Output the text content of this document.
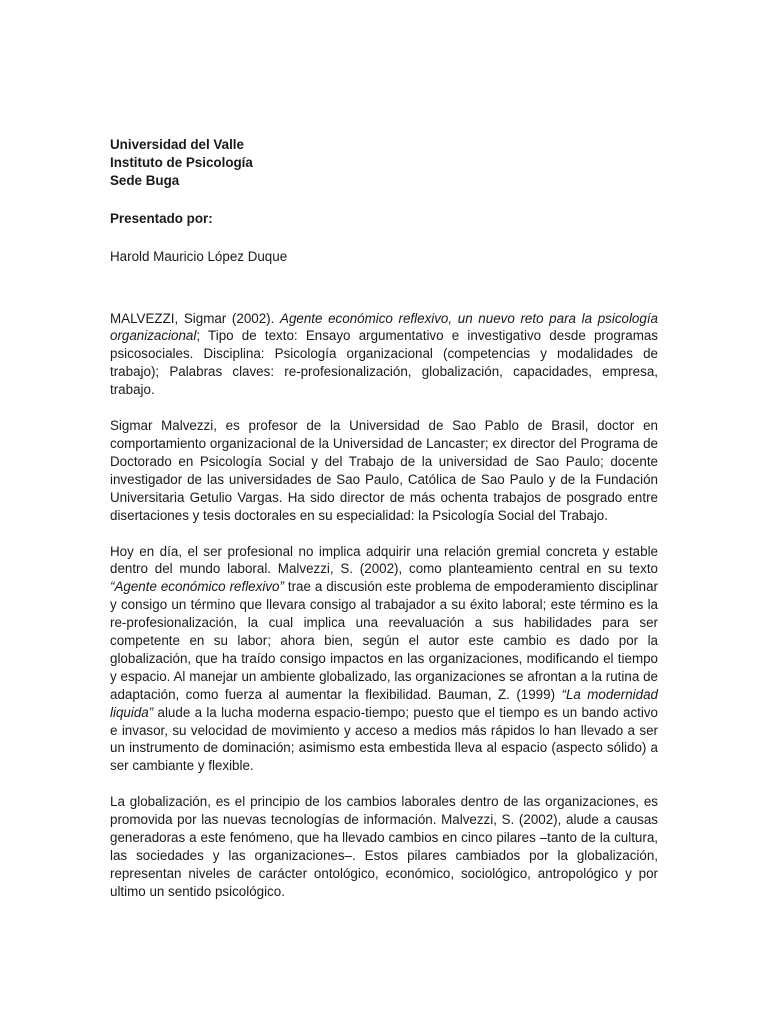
Universidad del Valle
Instituto de Psicología
Sede Buga
Presentado por:
Harold Mauricio López Duque

MALVEZZI, Sigmar (2002). Agente económico reflexivo, un nuevo reto para la psicología organizacional; Tipo de texto: Ensayo argumentativo e investigativo desde programas psicosociales. Disciplina: Psicología organizacional (competencias y modalidades de trabajo); Palabras claves: re-profesionalización, globalización, capacidades, empresa, trabajo.

Sigmar Malvezzi, es profesor de la Universidad de Sao Pablo de Brasil, doctor en comportamiento organizacional de la Universidad de Lancaster; ex director del Programa de Doctorado en Psicología Social y del Trabajo de la universidad de Sao Paulo; docente investigador de las universidades de Sao Paulo, Católica de Sao Paulo y de la Fundación Universitaria Getulio Vargas. Ha sido director de más ochenta trabajos de posgrado entre disertaciones y tesis doctorales en su especialidad: la Psicología Social del Trabajo.

Hoy en día, el ser profesional no implica adquirir una relación gremial concreta y estable dentro del mundo laboral. Malvezzi, S. (2002), como planteamiento central en su texto “Agente económico reflexivo” trae a discusión este problema de empoderamiento disciplinar y consigo un término que llevara consigo al trabajador a su éxito laboral; este término es la re-profesionalización, la cual implica una reevaluación a sus habilidades para ser competente en su labor; ahora bien, según el autor este cambio es dado por la globalización, que ha traído consigo impactos en las organizaciones, modificando el tiempo y espacio. Al manejar un ambiente globalizado, las organizaciones se afrontan a la rutina de adaptación, como fuerza al aumentar la flexibilidad. Bauman, Z. (1999) “La modernidad liquida” alude a la lucha moderna espacio-tiempo; puesto que el tiempo es un bando activo e invasor, su velocidad de movimiento y acceso a medios más rápidos lo han llevado a ser un instrumento de dominación; asimismo esta embestida lleva al espacio (aspecto sólido) a ser cambiante y flexible.

La globalización, es el principio de los cambios laborales dentro de las organizaciones, es promovida por las nuevas tecnologías de información. Malvezzi, S. (2002), alude a causas generadoras a este fenómeno, que ha llevado cambios en cinco pilares –tanto de la cultura, las sociedades y las organizaciones–. Estos pilares cambiados por la globalización, representan niveles de carácter ontológico, económico, sociológico, antropológico y por ultimo un sentido psicológico.
